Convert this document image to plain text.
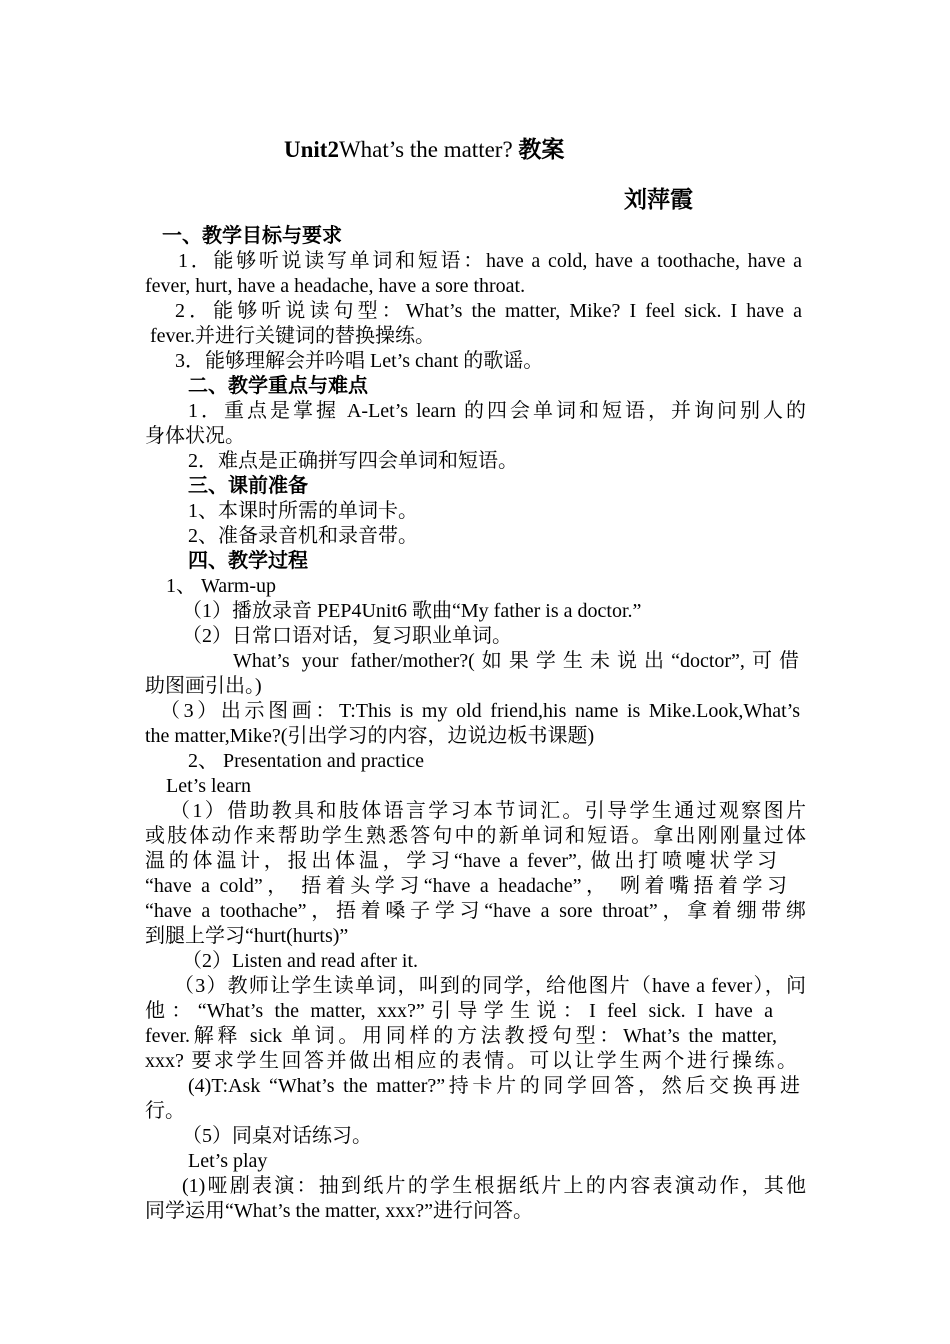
Unit2What’s the matter? 教案
刘萍霞
一、教学目标与要求
1．能够听说读写单词和短语：have a cold, have a toothache, have a
fever, hurt, have a headache, have a sore throat.
2．能够听说读句型：What’s the matter, Mike? I feel sick. I have a
fever.并进行关键词的替换操练。
3．能够理解会并吟唱 Let’s chant 的歌谣。
二、教学重点与难点
1．重点是掌握 A-Let’s learn 的四会单词和短语，并询问别人的
身体状况。
2．难点是正确拼写四会单词和短语。
三、课前准备
1、本课时所需的单词卡。
2、准备录音机和录音带。
四、教学过程
1、 Warm-up
（1）播放录音 PEP4Unit6 歌曲“My father is a doctor.”
（2）日常口语对话，复习职业单词。
What’s your father/mother?(如果学生未说出“doctor”,可借
助图画引出。)
（3）出示图画：T:This is my old friend,his name is Mike.Look,What’s
the matter,Mike?(引出学习的内容，边说边板书课题)
2、 Presentation and practice
Let’s learn
（1）借助教具和肢体语言学习本节词汇。引导学生通过观察图片
或肢体动作来帮助学生熟悉答句中的新单词和短语。拿出刚刚量过体
温的体温计，报出体温，学习“have a fever”, 做出打喷嚏状学习
“have a cold”， 捂着头学习“have a headache”， 咧着嘴捂着学习
“have a toothache”，捂着嗓子学习“have a sore throat”，拿着绷带绑
到腿上学习“hurt(hurts)”
（2）Listen and read after it.
（3）教师让学生读单词，叫到的同学，给他图片（have a fever），问
他：“What’s the matter, xxx?”引导学生说：I feel sick. I have a
fever.解释 sick 单词。用同样的方法教授句型：What’s the matter,
xxx? 要求学生回答并做出相应的表情。可以让学生两个进行操练。
(4)T:Ask “What’s the matter?”持卡片的同学回答，然后交换再进
行。
（5）同桌对话练习。
Let’s play
(1)哑剧表演：抽到纸片的学生根据纸片上的内容表演动作，其他
同学运用“What’s the matter, xxx?”进行问答。
